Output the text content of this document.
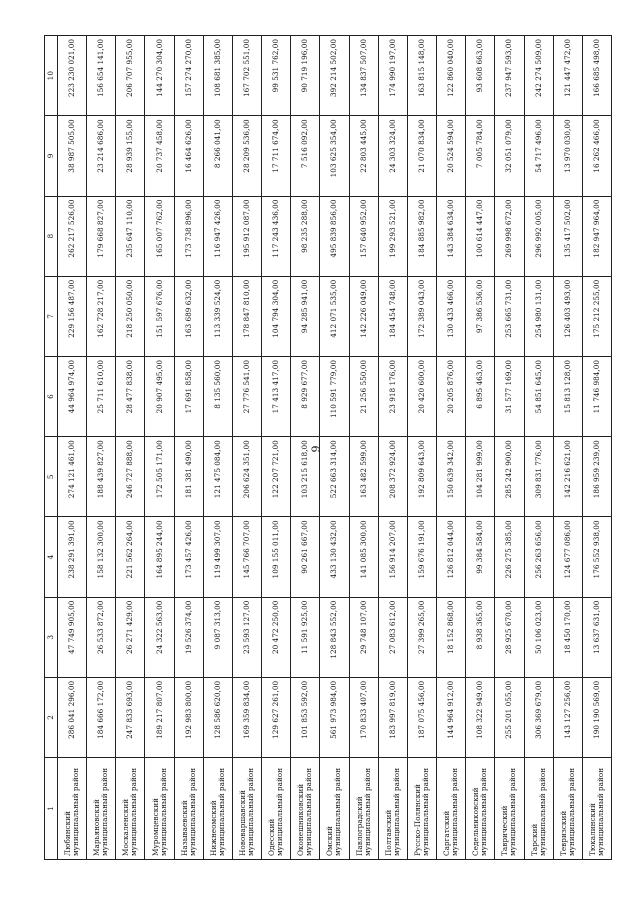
9
1	2	3	4	5	6	7	8	9	10
Любинский муниципальный район	286 041 296,00	47 749 905,00	238 291 391,00	274 121 461,00	44 964 974,00	229 156 487,00	262 217 526,00	38 987 505,00	223 230 021,00
Марьяновский муниципальный район	184 666 172,00	26 533 872,00	158 132 300,00	188 439 827,00	25 711 610,00	162 728 217,00	179 668 827,00	23 214 686,00	156 654 141,00
Москаленский муниципальный район	247 833 693,00	26 271 429,00	221 562 264,00	246 727 888,00	28 477 838,00	218 250 050,00	235 647 110,00	28 939 155,00	206 707 955,00
Муромцевский муниципальный район	189 217 807,00	24 322 563,00	164 895 244,00	172 505 171,00	20 907 495,00	151 597 676,00	165 007 762,00	20 737 458,00	144 270 304,00
Называевский муниципальный район	192 983 800,00	19 526 374,00	173 457 426,00	181 381 490,00	17 691 858,00	163 689 632,00	173 738 896,00	16 464 626,00	157 274 270,00
Нижнеомский муниципальный район	128 586 620,00	9 087 313,00	119 499 307,00	121 475 084,00	8 135 560,00	113 339 524,00	116 947 426,00	8 266 041,00	108 681 385,00
Нововаршавский муниципальный район	169 359 834,00	23 593 127,00	145 766 707,00	206 624 351,00	27 776 541,00	178 847 810,00	195 912 087,00	28 209 536,00	167 702 551,00
Одесский муниципальный район	129 627 261,00	20 472 250,00	109 155 011,00	122 207 721,00	17 413 417,00	104 794 304,00	117 243 436,00	17 711 674,00	99 531 762,00
Оконешниковский муниципальный район	101 853 592,00	11 591 925,00	90 261 667,00	103 215 618,00	8 929 677,00	94 285 941,00	98 235 288,00	7 516 092,00	90 719 196,00
Омский муниципальный район	561 973 984,00	128 843 552,00	433 130 432,00	522 663 314,00	110 591 779,00	412 071 535,00	495 839 856,00	103 625 354,00	392 214 502,00
Павлоградский муниципальный район	170 833 407,00	29 748 107,00	141 085 300,00	163 482 599,00	21 256 550,00	142 226 049,00	157 640 952,00	22 803 445,00	134 837 507,00
Полтавский муниципальный район	183 997 819,00	27 083 612,00	156 914 207,00	208 372 924,00	23 918 176,00	184 454 748,00	199 293 521,00	24 303 324,00	174 990 197,00
Русско-Полянский муниципальный район	187 075 456,00	27 399 265,00	159 676 191,00	192 809 643,00	20 420 600,00	172 389 043,00	184 885 982,00	21 070 834,00	163 815 148,00
Саргатский муниципальный район	144 964 912,00	18 152 868,00	126 812 044,00	150 639 342,00	20 205 876,00	130 433 466,00	143 384 634,00	20 524 594,00	122 860 040,00
Седельниковский муниципальный район	108 322 949,00	8 938 365,00	99 384 584,00	104 281 999,00	6 895 463,00	97 386 536,00	100 614 447,00	7 005 784,00	93 608 663,00
Таврический муниципальный район	255 201 055,00	28 925 670,00	226 275 385,00	285 242 900,00	31 577 169,00	253 665 731,00	269 998 672,00	32 051 079,00	237 947 593,00
Тарский муниципальный район	306 369 679,00	50 106 023,00	256 263 656,00	309 831 776,00	54 851 645,00	254 980 131,00	296 992 005,00	54 717 496,00	242 274 509,00
Тевризский муниципальный район	143 127 256,00	18 450 170,00	124 677 086,00	142 216 621,00	15 813 128,00	126 403 493,00	135 417 502,00	13 970 030,00	121 447 472,00
Тюкалинский муниципальный район	190 190 569,00	13 637 631,00	176 552 938,00	186 959 239,00	11 746 984,00	175 212 255,00	182 947 964,00	16 262 466,00	166 685 498,00
